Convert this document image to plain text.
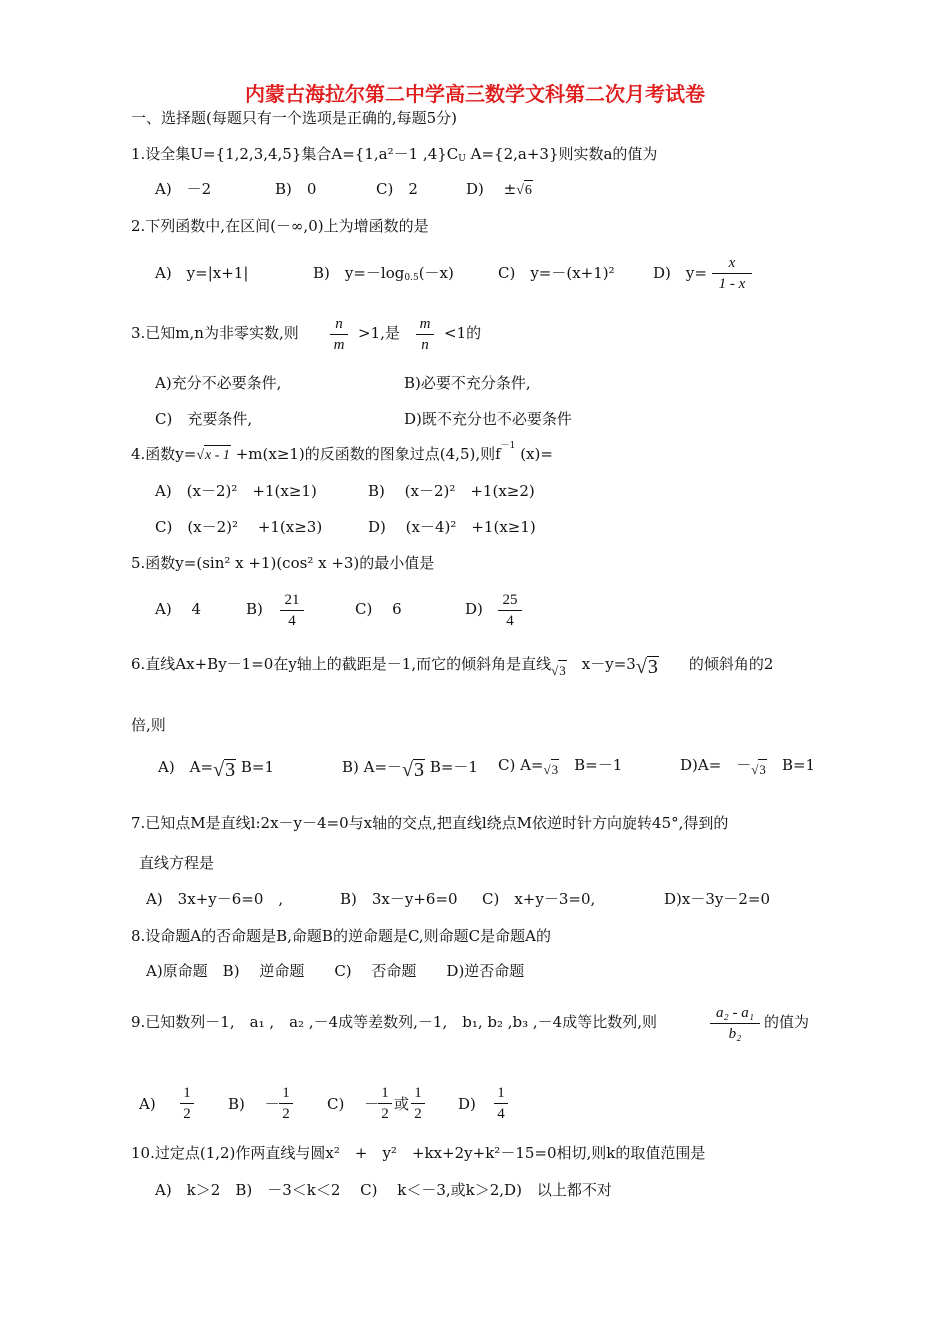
内蒙古海拉尔第二中学高三数学文科第二次月考试卷
一、选择题(每题只有一个选项是正确的,每题5分)
1.设全集U={1,2,3,4,5}集合A={1,a²－1 ,4}CU A={2,a+3}则实数a的值为
A)　－2	B)　0	C)　2	D)　 ±√6
2.下列函数中,在区间(－∞,0)上为增函数的是
A)　y=|x+1|	B)　y=－log0.5(－x)	C)　y=－(x+1)²	D)　y=
x
1 - x
3.已知m,n为非零实数,则	n
m
>1,是 m
n
<1的
A)充分不必要条件,	B)必要不充分条件,
C)　充要条件,	D)既不充分也不必要条件
4.函数y=√x - 1 +m(x≥1)的反函数的图象过点(4,5),则$f^{-1}$ (x)=
A)　(x－2)²　+1(x≥1)	B)　 (x－2)²　+1(x≥2)
C)　(x－2)²　 +1(x≥3)	D)　 (x－4)²　+1(x≥1)
5.函数y=(sin² x +1)(cos² x +3)的最小值是
A)　 4	B)	21
4
C)　 6	D)	25
4
6.直线Ax+By－1=0在y轴上的截距是－1,而它的倾斜角是直线√3　 x－y=3√3　　 的倾斜角的2
倍,则
A)　A=√3 B=1	B) A=－√3 B=－1 C) A=√3　 B=－1	D)A=　－√3　 B=1
7.已知点M是直线l:2x－y－4=0与x轴的交点,把直线l绕点M依逆时针方向旋转45°,得到的
直线方程是
A)　3x+y－6=0　,	B)　3x－y+6=0 C)　x+y－3=0,	D)x－3y－2=0
8.设命题A的否命题是B,命题B的逆命题是C,则命题C是命题A的
A)原命题　B)　 逆命题　　C)　 否命题　　D)逆否命题
9.已知数列－1,　a₁ ,　a₂ ,－4成等差数列,－1,　b₁, b₂ ,b₃ ,－4成等比数列,则	a₂ - a₁
b₂
的值为
A)
1
2
B)　 －
1
2
C)　 －
1
2
或
1
2
D)
1
4
10.过定点(1,2)作两直线与圆x²　+　y²　+kx+2y+k²－15=0相切,则k的取值范围是
A)　k＞2　B)　－3＜k＜2　 C)　 k＜－3,或k＞2,D)　以上都不对
